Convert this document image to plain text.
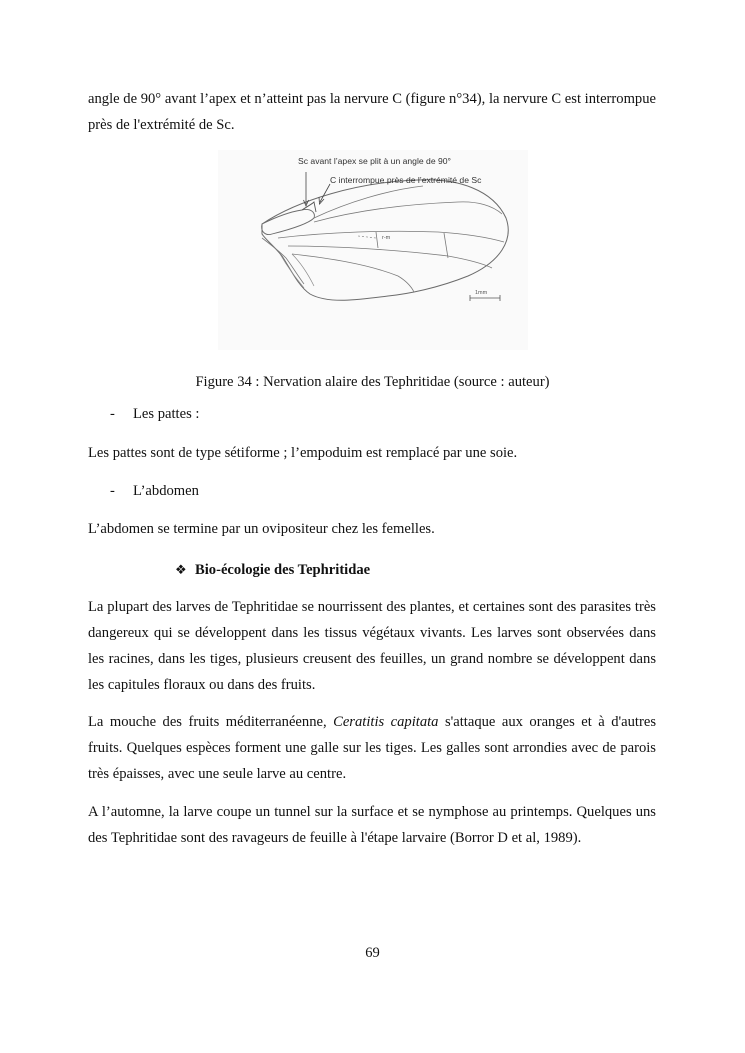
angle de 90° avant l’apex et n’atteint pas la nervure C (figure n°34), la nervure C est interrompue près de l'extrémité de Sc.

Sc avant l’apex se plit à un angle de 90°
C interrompue près de l’extrémité de Sc
r-m
1mm
Figure 34 : Nervation alaire des Tephritidae (source : auteur)
- Les pattes :

Les pattes sont de type sétiforme ; l’empoduim est remplacé par une soie.

- L’abdomen

L’abdomen se termine par un ovipositeur chez les femelles.

❖ Bio-écologie des Tephritidae

La plupart des larves de Tephritidae se nourrissent des plantes, et certaines sont des parasites très dangereux qui se développent dans les tissus végétaux vivants. Les larves sont observées dans les racines, dans les tiges, plusieurs creusent des feuilles, un grand nombre se développent dans les capitules floraux ou dans des fruits.

La mouche des fruits méditerranéenne, Ceratitis capitata s'attaque aux oranges et à d'autres fruits. Quelques espèces forment une galle sur les tiges. Les galles sont arrondies avec de parois très épaisses, avec une seule larve au centre.

A l’automne, la larve coupe un tunnel sur la surface et se nymphose au printemps. Quelques uns des Tephritidae sont des ravageurs de feuille à l'étape larvaire (Borror D et al, 1989).

69
